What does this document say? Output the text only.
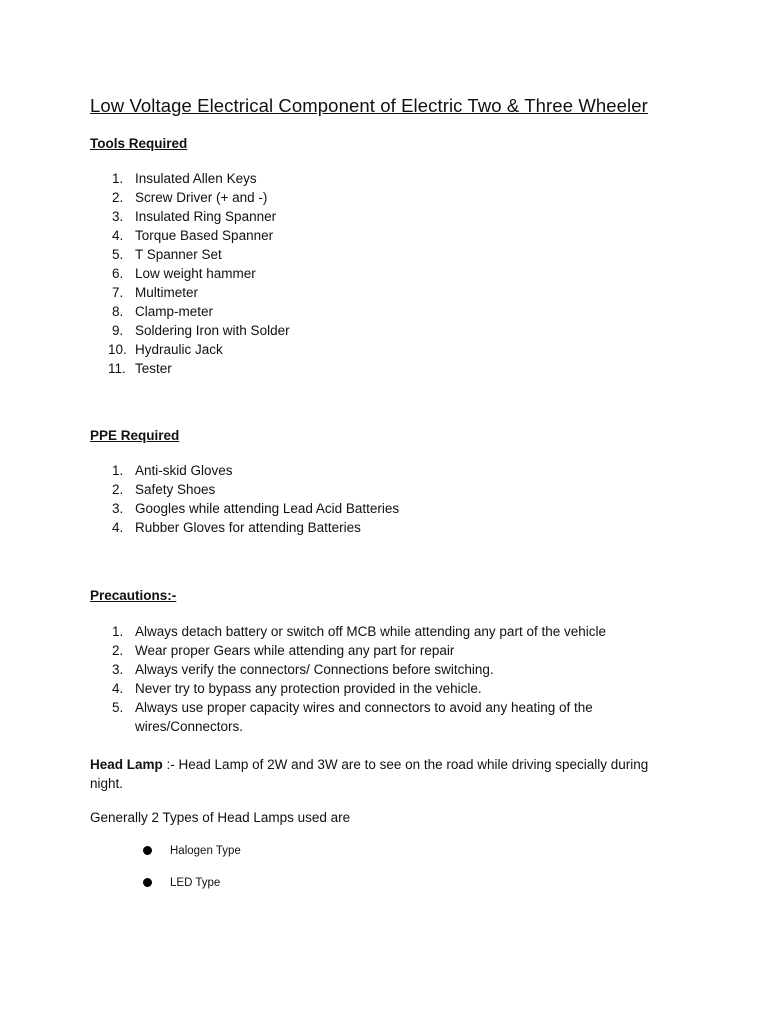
Low Voltage Electrical Component of Electric Two & Three Wheeler
Tools Required
1. Insulated Allen Keys
2. Screw Driver (+ and -)
3. Insulated Ring Spanner
4. Torque Based Spanner
5. T Spanner Set
6. Low weight hammer
7. Multimeter
8. Clamp-meter
9. Soldering Iron with Solder
10. Hydraulic Jack
11. Tester
PPE Required
1. Anti-skid Gloves
2. Safety Shoes
3. Googles while attending Lead Acid Batteries
4. Rubber Gloves for attending Batteries
Precautions:-
1. Always detach battery or switch off MCB while attending any part of the vehicle
2. Wear proper Gears while attending any part for repair
3. Always verify the connectors/ Connections before switching.
4. Never try to bypass any protection provided in the vehicle.
5. Always use proper capacity wires and connectors to avoid any heating of the wires/Connectors.

Head Lamp :- Head Lamp of 2W and 3W are to see on the road while driving specially during night.

Generally 2 Types of Head Lamps used are

Halogen Type
LED Type
